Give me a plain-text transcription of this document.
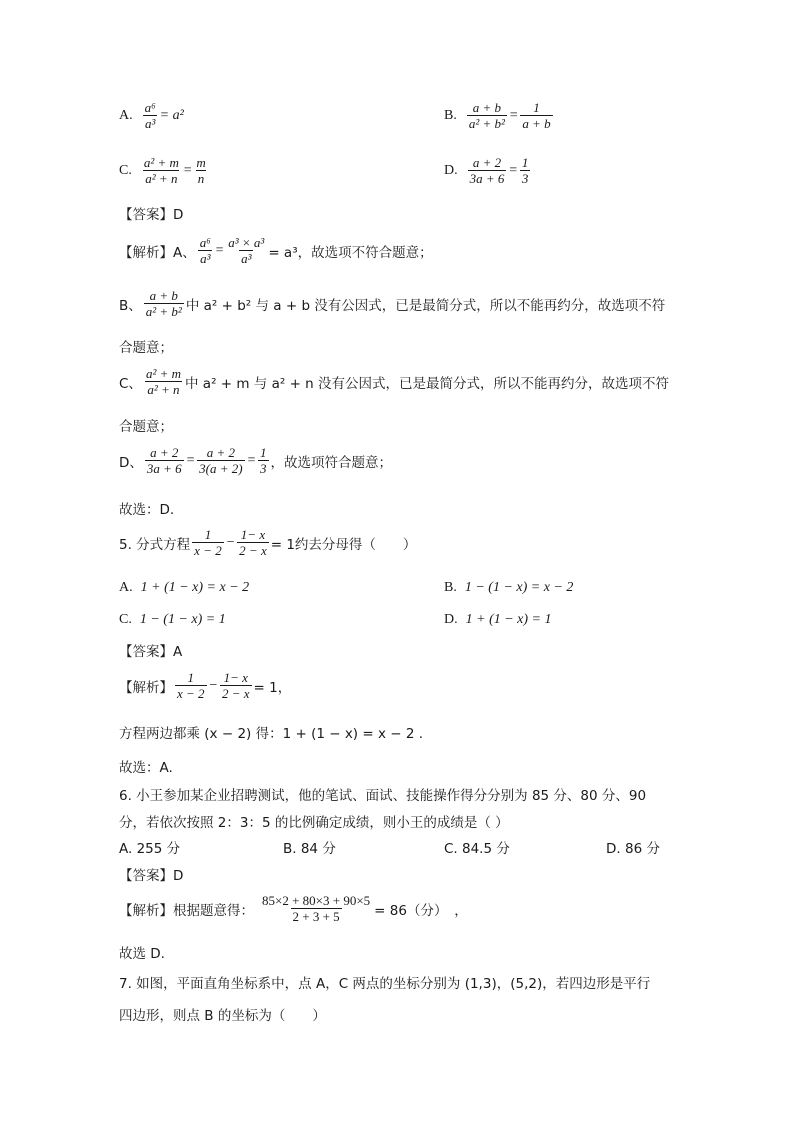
A. $\frac{\text{a⁶}}{\text{a³}} = a^2$	B. $\frac{a + b}{\text{a² + b²}} = \frac{1}{a + b}$
C. $\frac{\text{a² + m}}{\text{a² + n}} = \frac{m}{n}$	D. $\frac{a + 2}{3a + 6} = \frac{1}{3}$
【答案】D
【解析】A、 $\frac{\text{a⁶}}{\text{a³}} = \frac{\text{a³ × a³}}{\text{a³}} = a^3$，故选项不符合题意；
B、 $\frac{a + b}{\text{a² + b²}}$ 中 a² + b² 与 a + b 没有公因式，已是最简分式，所以不能再约分，故选项不符
合题意；
C、 $\frac{\text{a² + m}}{\text{a² + n}}$ 中 a² + m 与 a² + n 没有公因式，已是最简分式，所以不能再约分，故选项不符
合题意；
D、 $\frac{a + 2}{3a + 6} = \frac{a + 2}{3(a + 2)} = \frac{1}{3}$ ，故选项符合题意；
故选：D.
5. 分式方程 $\frac{1}{x - 2} - \frac{1- x}{2 - x} = 1$约去分母得（　　）
A. 1 + (1 − x) = x − 2	B. 1 − (1 − x) = x − 2
C. 1 − (1 − x) = 1	D. 1 + (1 − x) = 1
【答案】A
【解析】 $\frac{1}{x - 2} - \frac{1- x}{2 - x} = 1$，
方程两边都乘 (x − 2) 得：1 + (1 − x) = x − 2 .
故选：A.
6. 小王参加某企业招聘测试，他的笔试、面试、技能操作得分分别为 85 分、80 分、90
分，若依次按照 2：3：5 的比例确定成绩，则小王的成绩是（ ）
A. 255 分	B. 84 分	C. 84.5 分	D. 86 分
【答案】D
【解析】根据题意得： $\frac{85\times 2 + 80\times 3 + 90\times 5}{2 + 3 + 5} = 86$（分）　，
故选 D.
7. 如图，平面直角坐标系中，点 A，C 两点的坐标分别为 (1,3)，(5,2)，若四边形是平行
四边形，则点 B 的坐标为（　　）
